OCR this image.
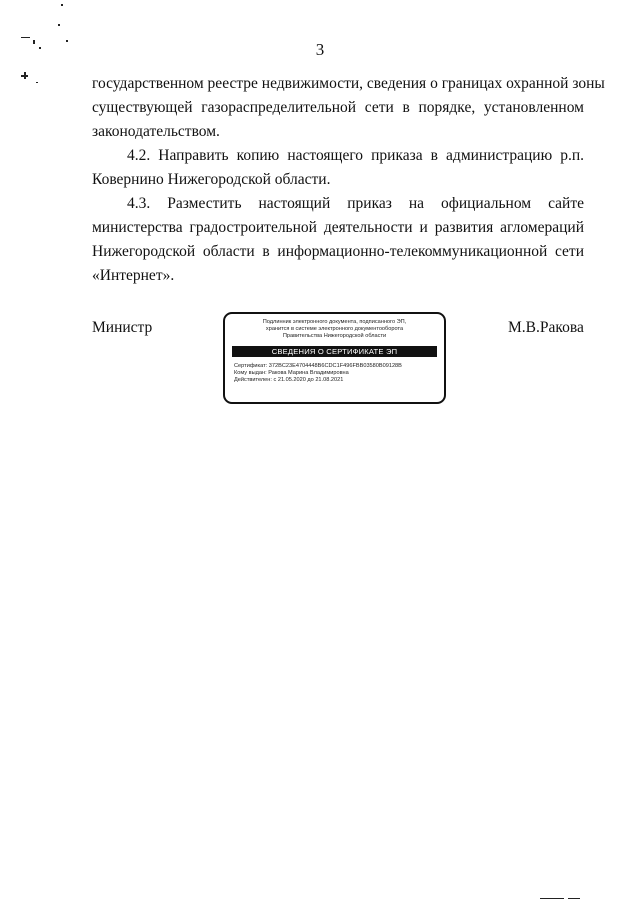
3

государственном реестре недвижимости, сведения о границах охранной зоны
существующей газораспределительной сети в порядке, установленном
законодательством.

4.2. Направить копию настоящего приказа в администрацию р.п. Ковернино Нижегородской области.

4.3. Разместить настоящий приказ на официальном сайте министерства градостроительной деятельности и развития агломераций Нижегородской области в информационно-телекоммуникационной сети «Интернет».

Министр	М.В.Ракова
Подлинник электронного документа, подписанного ЭП,
хранится в системе электронного документооборота
Правительства Нижегородской области
СВЕДЕНИЯ О СЕРТИФИКАТЕ ЭП
Сертификат: 372BC23E4704448B6CDC1F496FBB03580B09128B
Кому выдан: Ракова Марина Владимировна
Действителен: с 21.05.2020 до 21.08.2021
